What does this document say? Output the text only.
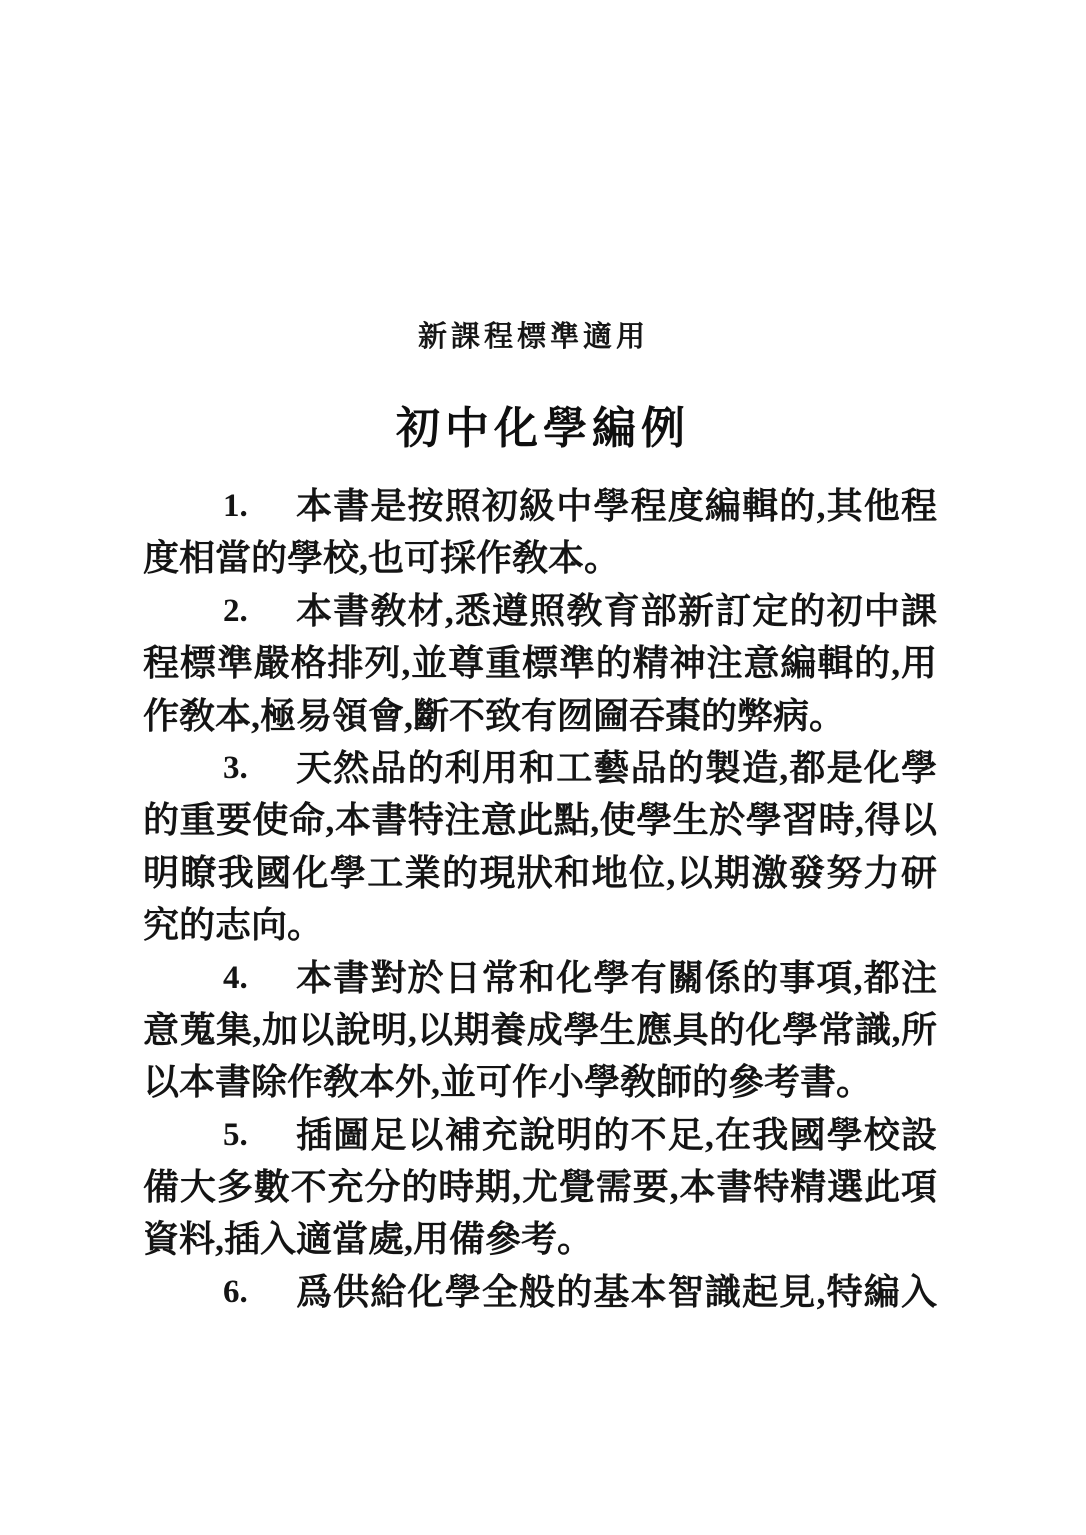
新課程標準適用
初中化學編例
1. 本書是按照初級中學程度編輯的,其他程
度相當的學校,也可採作敎本。
2. 本書敎材,悉遵照敎育部新訂定的初中課
程標準嚴格排列,並尊重標準的精神注意編輯的,用
作敎本,極易領會,斷不致有囫圇吞棗的弊病。
3. 天然品的利用和工藝品的製造,都是化學
的重要使命,本書特注意此點,使學生於學習時,得以
明瞭我國化學工業的現狀和地位,以期激發努力研
究的志向。
4. 本書對於日常和化學有關係的事項,都注
意蒐集,加以說明,以期養成學生應具的化學常識,所
以本書除作敎本外,並可作小學敎師的參考書。
5. 插圖足以補充說明的不足,在我國學校設
備大多數不充分的時期,尤覺需要,本書特精選此項
資料,插入適當處,用備參考。
6. 爲供給化學全般的基本智識起見,特編入
